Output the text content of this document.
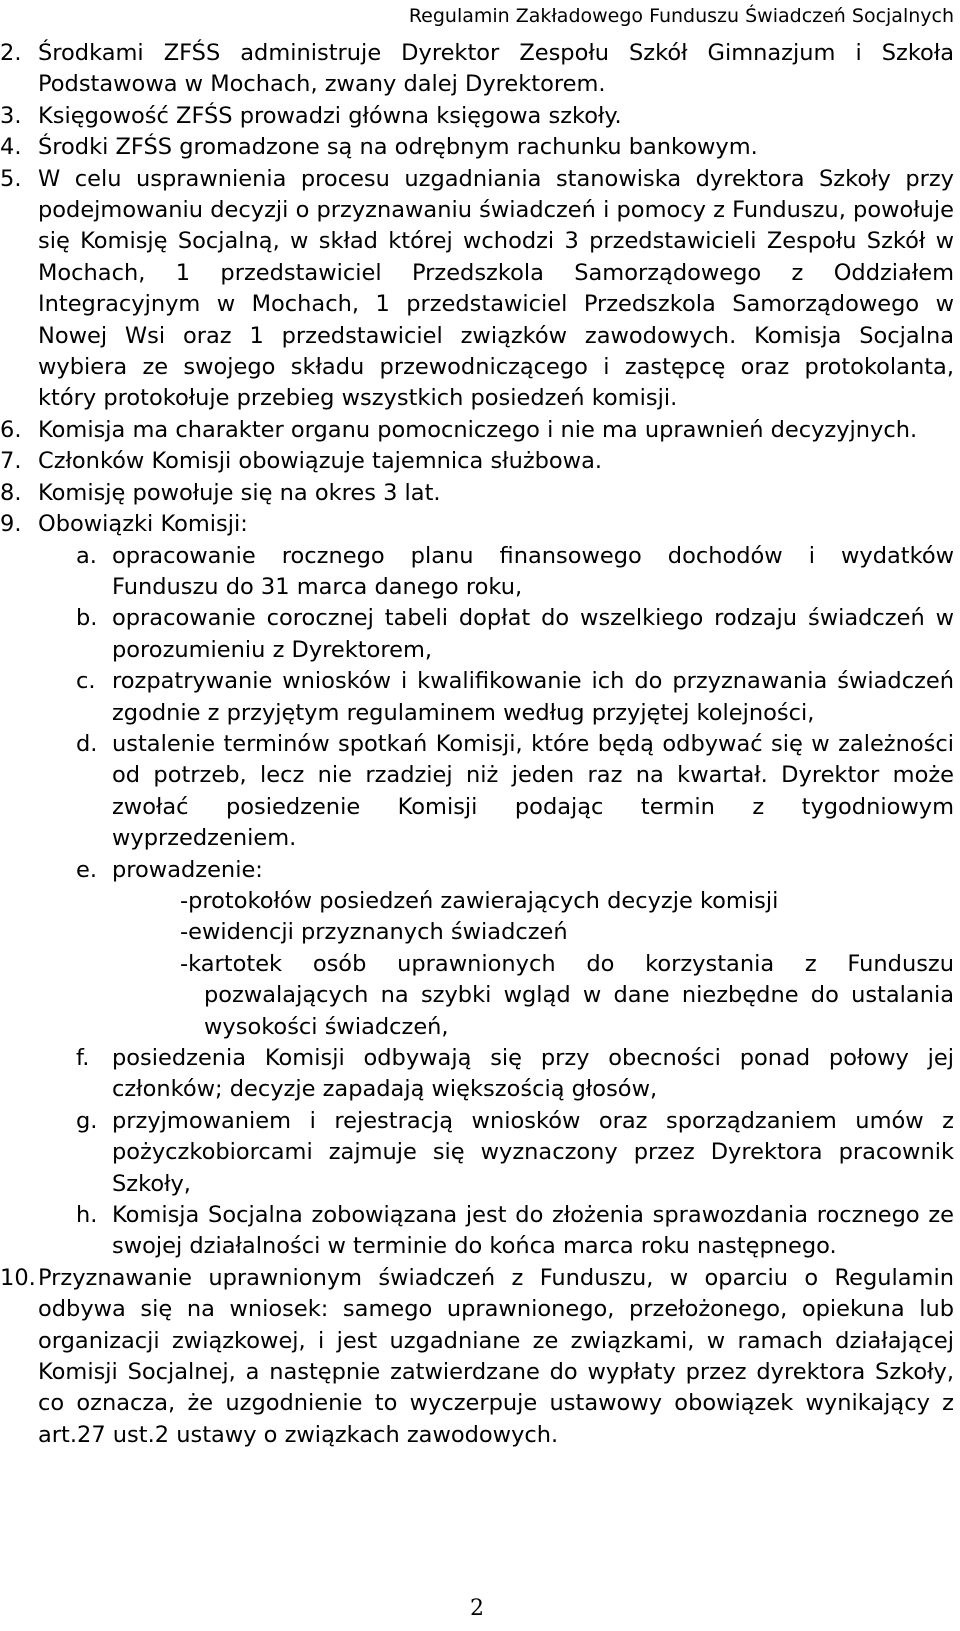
Regulamin Zakładowego Funduszu Świadczeń Socjalnych
2. Środkami ZFŚS administruje Dyrektor Zespołu Szkół Gimnazjum i Szkoła Podstawowa w Mochach, zwany dalej Dyrektorem.
3. Księgowość ZFŚS prowadzi główna księgowa szkoły.
4. Środki ZFŚS gromadzone są na odrębnym rachunku bankowym.
5. W celu usprawnienia procesu uzgadniania stanowiska dyrektora Szkoły przy podejmowaniu decyzji o przyznawaniu świadczeń i pomocy z Funduszu, powołuje się Komisję Socjalną, w skład której wchodzi 3 przedstawicieli Zespołu Szkół w Mochach, 1 przedstawiciel Przedszkola Samorządowego z Oddziałem Integracyjnym w Mochach, 1 przedstawiciel Przedszkola Samorządowego w Nowej Wsi oraz 1 przedstawiciel związków zawodowych. Komisja Socjalna wybiera ze swojego składu przewodniczącego i zastępcę oraz protokolanta, który protokołuje przebieg wszystkich posiedzeń komisji.
6. Komisja ma charakter organu pomocniczego i nie ma uprawnień decyzyjnych.
7. Członków Komisji obowiązuje tajemnica służbowa.
8. Komisję powołuje się na okres 3 lat.
9. Obowiązki Komisji:
a. opracowanie rocznego planu finansowego dochodów i wydatków Funduszu do 31 marca danego roku,
b. opracowanie corocznej tabeli dopłat do wszelkiego rodzaju świadczeń w porozumieniu z Dyrektorem,
c. rozpatrywanie wniosków i kwalifikowanie ich do przyznawania świadczeń zgodnie z przyjętym regulaminem według przyjętej kolejności,
d. ustalenie terminów spotkań Komisji, które będą odbywać się w zależności od potrzeb, lecz nie rzadziej niż jeden raz na kwartał. Dyrektor może zwołać posiedzenie Komisji podając termin z tygodniowym wyprzedzeniem.
e. prowadzenie:
-protokołów posiedzeń zawierających decyzje komisji
-ewidencji przyznanych świadczeń
-kartotek osób uprawnionych do korzystania z Funduszu pozwalających na szybki wgląd w dane niezbędne do ustalania wysokości świadczeń,
f. posiedzenia Komisji odbywają się przy obecności ponad połowy jej członków; decyzje zapadają większością głosów,
g. przyjmowaniem i rejestracją wniosków oraz sporządzaniem umów z pożyczkobiorcami zajmuje się wyznaczony przez Dyrektora pracownik Szkoły,
h. Komisja Socjalna zobowiązana jest do złożenia sprawozdania rocznego ze swojej działalności w terminie do końca marca roku następnego.
10. Przyznawanie uprawnionym świadczeń z Funduszu, w oparciu o Regulamin odbywa się na wniosek: samego uprawnionego, przełożonego, opiekuna lub organizacji związkowej, i jest uzgadniane ze związkami, w ramach działającej Komisji Socjalnej, a następnie zatwierdzane do wypłaty przez dyrektora Szkoły, co oznacza, że uzgodnienie to wyczerpuje ustawowy obowiązek wynikający z art.27 ust.2 ustawy o związkach zawodowych.
2
